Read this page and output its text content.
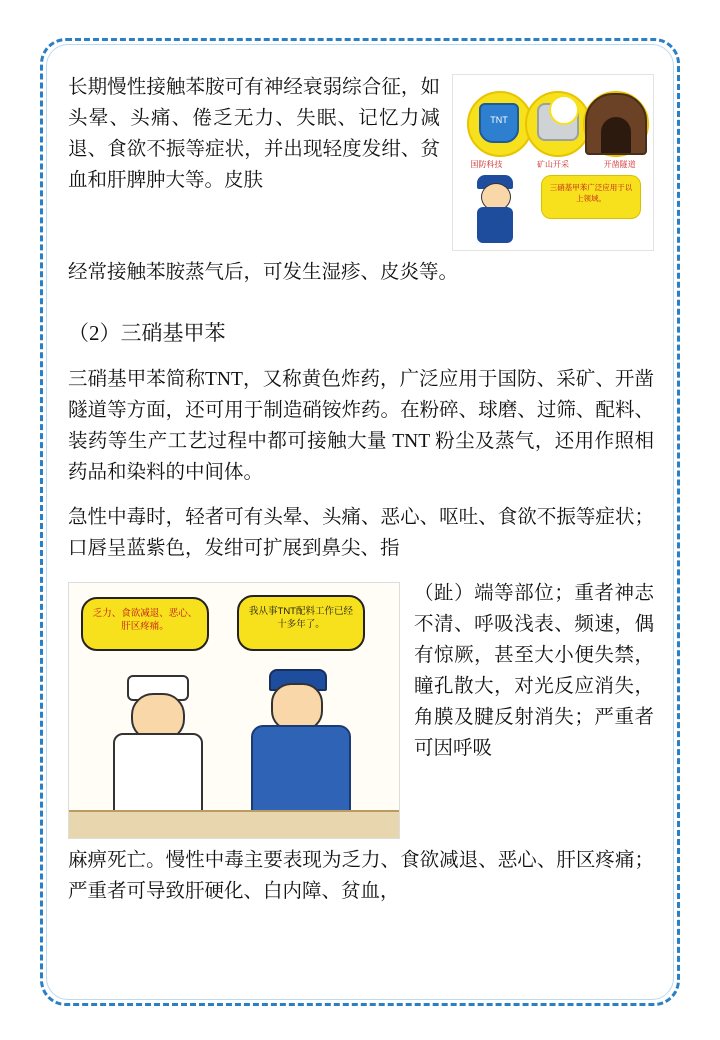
TNT
国防科技	矿山开采	开凿隧道
三硝基甲苯广泛应用于以上领域。

长期慢性接触苯胺可有神经衰弱综合征，如头晕、头痛、倦乏无力、失眠、记忆力减退、食欲不振等症状，并出现轻度发绀、贫血和肝脾肿大等。皮肤

经常接触苯胺蒸气后，可发生湿疹、皮炎等。

（2）三硝基甲苯

三硝基甲苯简称TNT，又称黄色炸药，广泛应用于国防、采矿、开凿隧道等方面，还可用于制造硝铵炸药。在粉碎、球磨、过筛、配料、装药等生产工艺过程中都可接触大量 TNT 粉尘及蒸气，还用作照相药品和染料的中间体。

急性中毒时，轻者可有头晕、头痛、恶心、呕吐、食欲不振等症状；口唇呈蓝紫色，发绀可扩展到鼻尖、指

乏力、食欲减退、恶心、肝区疼痛。
我从事TNT配料工作已经十多年了。

（趾）端等部位；重者神志不清、呼吸浅表、频速，偶有惊厥，甚至大小便失禁，瞳孔散大，对光反应消失，角膜及腱反射消失；严重者可因呼吸

麻痹死亡。慢性中毒主要表现为乏力、食欲减退、恶心、肝区疼痛；严重者可导致肝硬化、白内障、贫血，
